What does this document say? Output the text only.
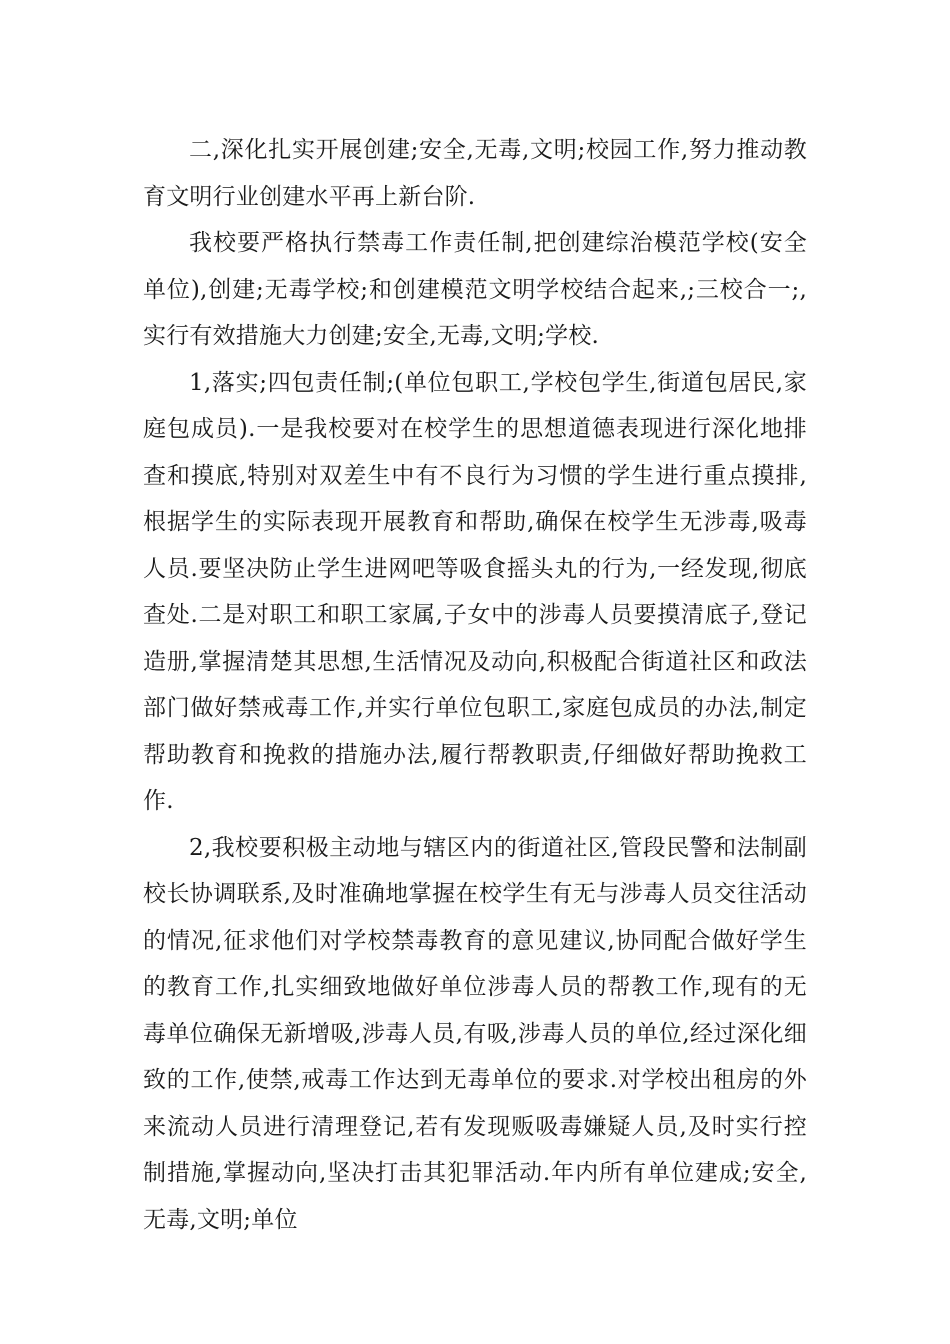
二,深化扎实开展创建;安全,无毒,文明;校园工作,努力推动教育文明行业创建水平再上新台阶.

我校要严格执行禁毒工作责任制,把创建综治模范学校(安全单位),创建;无毒学校;和创建模范文明学校结合起来,;三校合一;,实行有效措施大力创建;安全,无毒,文明;学校.

1,落实;四包责任制;(单位包职工,学校包学生,街道包居民,家庭包成员).一是我校要对在校学生的思想道德表现进行深化地排查和摸底,特别对双差生中有不良行为习惯的学生进行重点摸排,根据学生的实际表现开展教育和帮助,确保在校学生无涉毒,吸毒人员.要坚决防止学生进网吧等吸食摇头丸的行为,一经发现,彻底查处.二是对职工和职工家属,子女中的涉毒人员要摸清底子,登记造册,掌握清楚其思想,生活情况及动向,积极配合街道社区和政法部门做好禁戒毒工作,并实行单位包职工,家庭包成员的办法,制定帮助教育和挽救的措施办法,履行帮教职责,仔细做好帮助挽救工作.

2,我校要积极主动地与辖区内的街道社区,管段民警和法制副校长协调联系,及时准确地掌握在校学生有无与涉毒人员交往活动的情况,征求他们对学校禁毒教育的意见建议,协同配合做好学生的教育工作,扎实细致地做好单位涉毒人员的帮教工作,现有的无毒单位确保无新增吸,涉毒人员,有吸,涉毒人员的单位,经过深化细致的工作,使禁,戒毒工作达到无毒单位的要求.对学校出租房的外来流动人员进行清理登记,若有发现贩吸毒嫌疑人员,及时实行控制措施,掌握动向,坚决打击其犯罪活动.年内所有单位建成;安全,无毒,文明;单位
